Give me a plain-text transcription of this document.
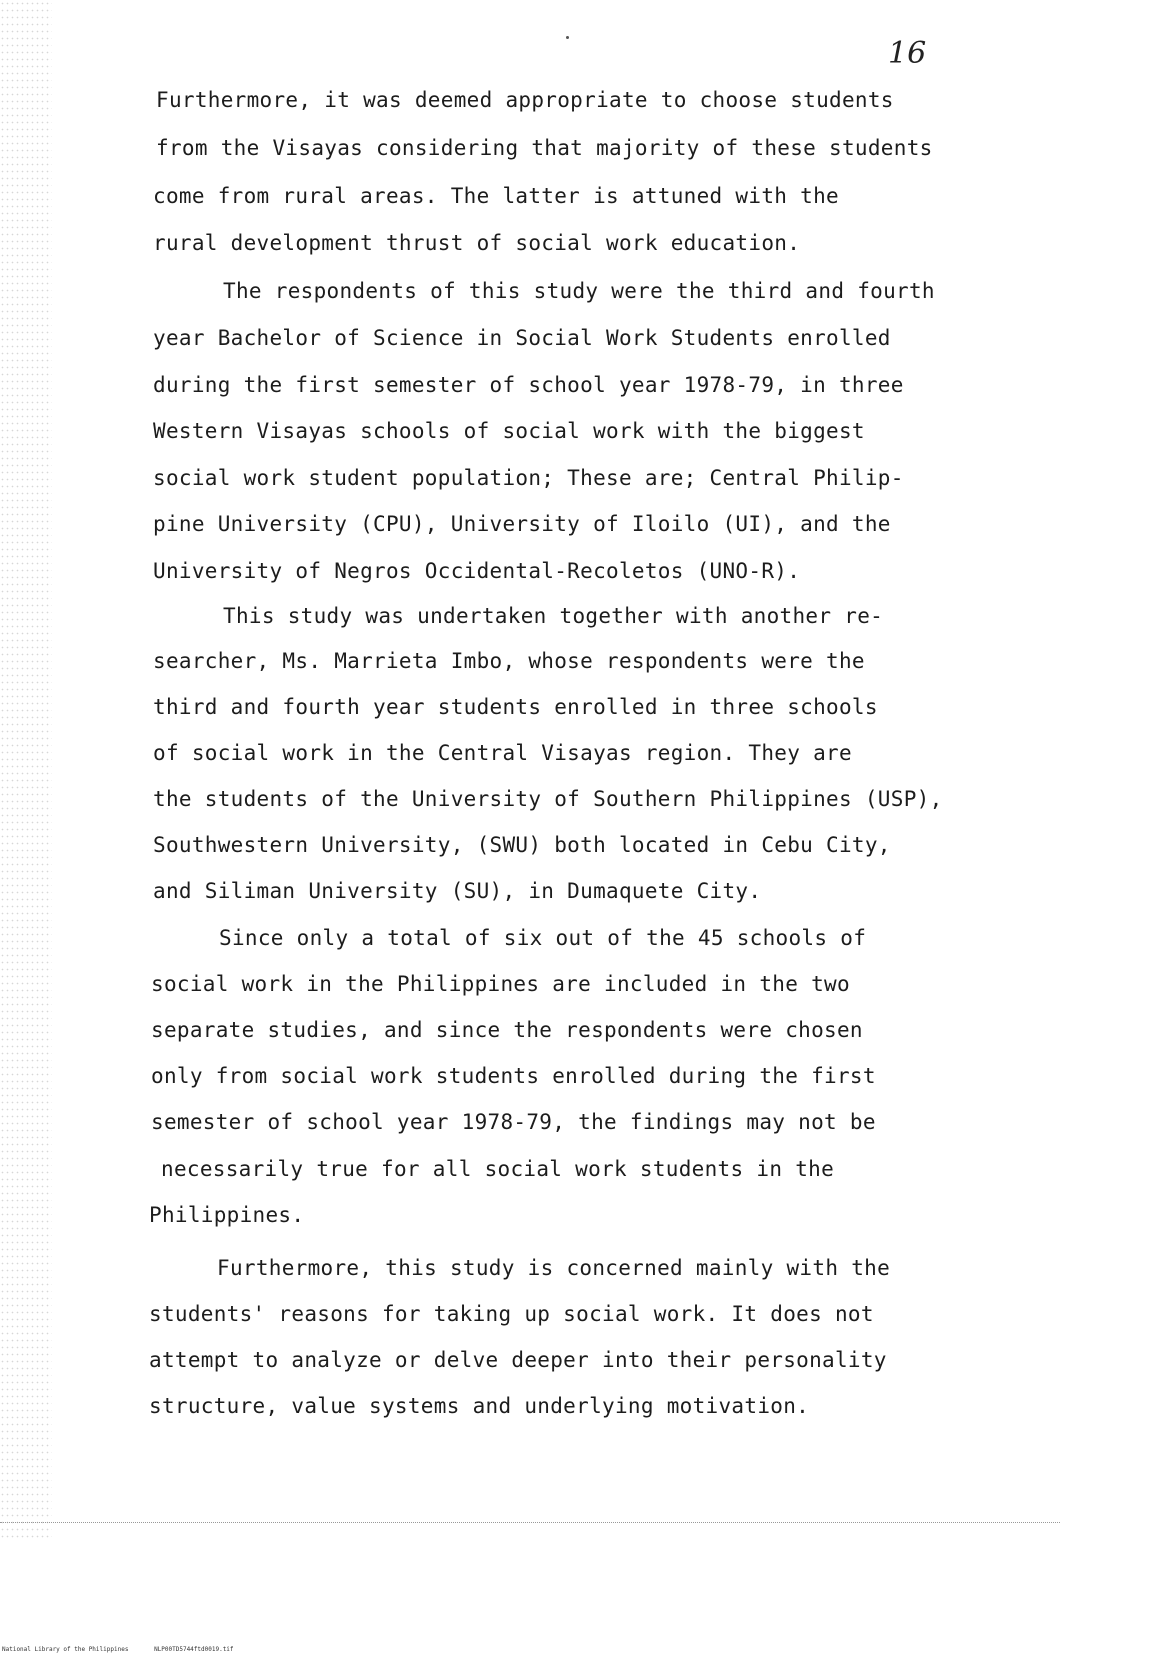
16
Furthermore, it was deemed appropriate to choose students
from the Visayas considering that majority of these students
come from rural areas. The latter is attuned with the
rural development thrust of social work education.
The respondents of this study were the third and fourth
year Bachelor of Science in Social Work Students enrolled
during the first semester of school year 1978-79, in three
Western Visayas schools of social work with the biggest
social work student population; These are; Central Philip-
pine University (CPU), University of Iloilo (UI), and the
University of Negros Occidental-Recoletos (UNO-R).
This study was undertaken together with another re-
searcher, Ms. Marrieta Imbo, whose respondents were the
third and fourth year students enrolled in three schools
of social work in the Central Visayas region. They are
the students of the University of Southern Philippines (USP),
Southwestern University, (SWU) both located in Cebu City,
and Siliman University (SU), in Dumaquete City.
Since only a total of six out of the 45 schools of
social work in the Philippines are included in the two
separate studies, and since the respondents were chosen
only from social work students enrolled during the first
semester of school year 1978-79, the findings may not be
necessarily true for all social work students in the
Philippines.
Furthermore, this study is concerned mainly with the
students' reasons for taking up social work. It does not
attempt to analyze or delve deeper into their personality
structure, value systems and underlying motivation.
National Library of the Philippines	NLP00TD5744ftd0019.tif
